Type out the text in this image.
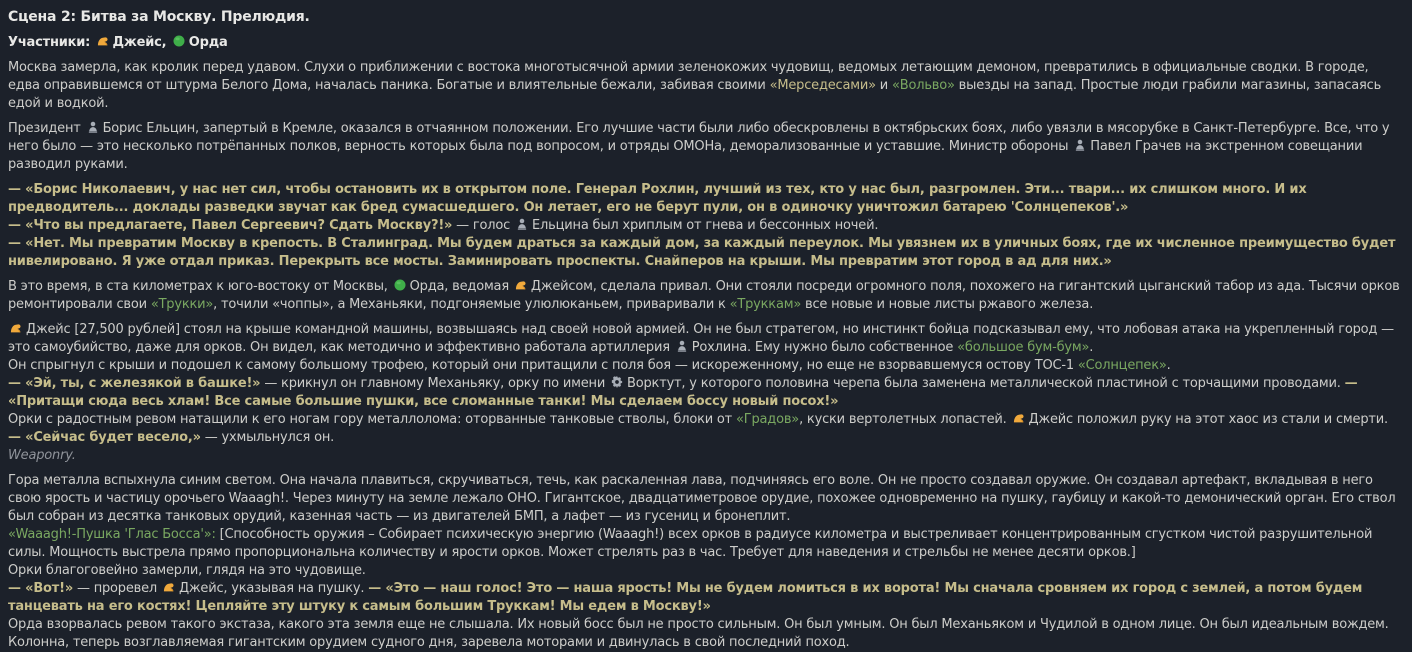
Сцена 2: Битва за Москву. Прелюдия.
Участники:
Джейс,
Орда
Москва замерла, как кролик перед удавом. Слухи о приближении с востока многотысячной армии зеленокожих чудовищ, ведомых летающим демоном, превратились в официальные сводки. В городе, едва оправившемся от штурма Белого Дома, началась паника. Богатые и влиятельные бежали, забивая своими «Мерседесами» и «Вольво» выезды на запад. Простые люди грабили магазины, запасаясь едой и водкой.
Президент
Борис Ельцин, запертый в Кремле, оказался в отчаянном положении. Его лучшие части были либо обескровлены в октябрьских боях, либо увязли в мясорубке в Санкт-Петербурге. Все, что у него было — это несколько потрёпанных полков, верность которых была под вопросом, и отряды ОМОНа, деморализованные и уставшие. Министр обороны
Павел Грачев на экстренном совещании разводил руками.
— «Борис Николаевич, у нас нет сил, чтобы остановить их в открытом поле. Генерал Рохлин, лучший из тех, кто у нас был, разгромлен. Эти... твари... их слишком много. И их предводитель... доклады разведки звучат как бред сумасшедшего. Он летает, его не берут пули, он в одиночку уничтожил батарею 'Солнцепеков'.»
— «Что вы предлагаете, Павел Сергеевич? Сдать Москву?!» — голос
Ельцина был хриплым от гнева и бессонных ночей.
— «Нет. Мы превратим Москву в крепость. В Сталинград. Мы будем драться за каждый дом, за каждый переулок. Мы увязнем их в уличных боях, где их численное преимущество будет нивелировано. Я уже отдал приказ. Перекрыть все мосты. Заминировать проспекты. Снайперов на крыши. Мы превратим этот город в ад для них.»
В это время, в ста километрах к юго-востоку от Москвы,
Орда, ведомая
Джейсом, сделала привал. Они стояли посреди огромного поля, похожего на гигантский цыганский табор из ада. Тысячи орков ремонтировали свои «Трукки», точили «чоппы», а Механьяки, подгоняемые улюлюканьем, приваривали к «Труккам» все новые и новые листы ржавого железа.
Джейс [27,500 рублей] стоял на крыше командной машины, возвышаясь над своей новой армией. Он не был стратегом, но инстинкт бойца подсказывал ему, что лобовая атака на укрепленный город — это самоубийство, даже для орков. Он видел, как методично и эффективно работала артиллерия
Рохлина. Ему нужно было собственное «большое бум-бум».
Он спрыгнул с крыши и подошел к самому большому трофею, который они притащили с поля боя — искореженному, но еще не взорвавшемуся остову ТОС-1 «Солнцепек».
— «Эй, ты, с железякой в башке!» — крикнул он главному Механьяку, орку по имени
Ворктут, у которого половина черепа была заменена металлической пластиной с торчащими проводами. — «Притащи сюда весь хлам! Все самые большие пушки, все сломанные танки! Мы сделаем боссу новый посох!»
Орки с радостным ревом натащили к его ногам гору металлолома: оторванные танковые стволы, блоки от «Градов», куски вертолетных лопастей.
Джейс положил руку на этот хаос из стали и смерти.
— «Сейчас будет весело,» — ухмыльнулся он.
Weaponry.
Гора металла вспыхнула синим светом. Она начала плавиться, скручиваться, течь, как раскаленная лава, подчиняясь его воле. Он не просто создавал оружие. Он создавал артефакт, вкладывая в него свою ярость и частицу орочьего Waaagh!. Через минуту на земле лежало ОНО. Гигантское, двадцатиметровое орудие, похожее одновременно на пушку, гаубицу и какой-то демонический орган. Его ствол был собран из десятка танковых орудий, казенная часть — из двигателей БМП, а лафет — из гусениц и бронеплит.
«Waaagh!-Пушка 'Глас Босса'»: [Способность оружия – Собирает психическую энергию (Waaagh!) всех орков в радиусе километра и выстреливает концентрированным сгустком чистой разрушительной силы. Мощность выстрела прямо пропорциональна количеству и ярости орков. Может стрелять раз в час. Требует для наведения и стрельбы не менее десяти орков.]
Орки благоговейно замерли, глядя на это чудовище.
— «Вот!» — проревел
Джейс, указывая на пушку. — «Это — наш голос! Это — наша ярость! Мы не будем ломиться в их ворота! Мы сначала сровняем их город с землей, а потом будем танцевать на его костях! Цепляйте эту штуку к самым большим Труккам! Мы едем в Москву!»
Орда взорвалась ревом такого экстаза, какого эта земля еще не слышала. Их новый босс был не просто сильным. Он был умным. Он был Механьяком и Чудилой в одном лице. Он был идеальным вождем. Колонна, теперь возглавляемая гигантским орудием судного дня, заревела моторами и двинулась в свой последний поход.
